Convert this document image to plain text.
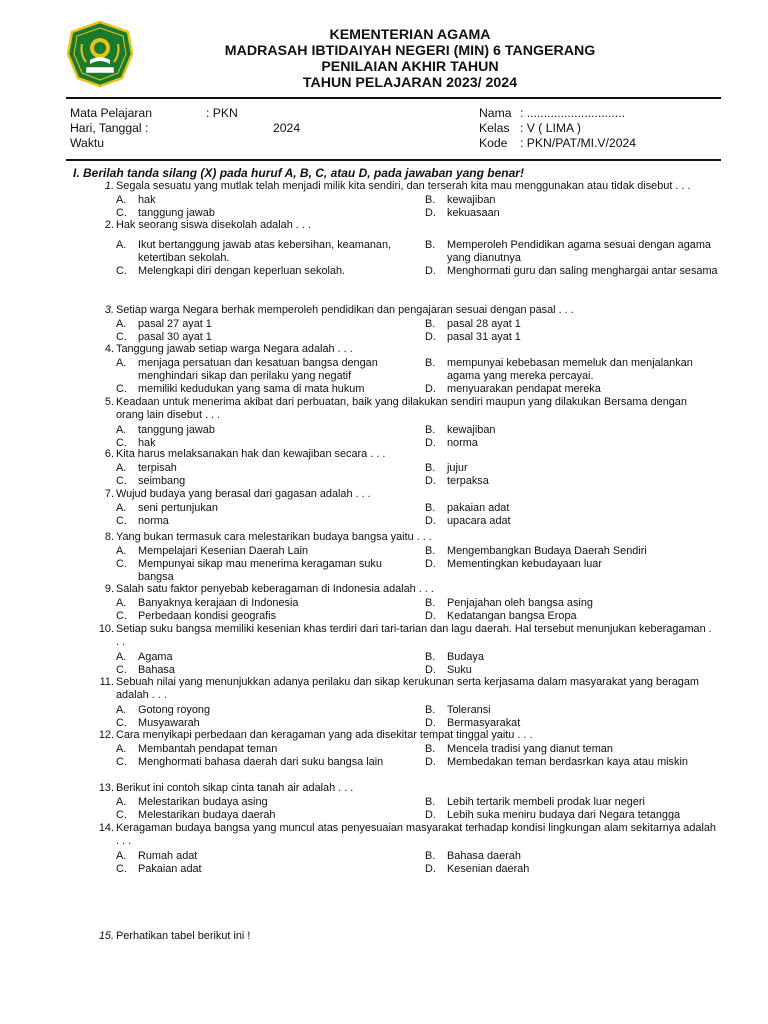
KEMENTERIAN AGAMA
MADRASAH IBTIDAIYAH NEGERI (MIN) 6 TANGERANG
PENILAIAN AKHIR TAHUN
TAHUN PELAJARAN 2023/ 2024
Mata Pelajaran	: PKN
Hari, Tanggal :	2024
Waktu
Nama : .............................
Kelas : V ( LIMA )
Kode : PKN/PAT/MI.V/2024
I. Berilah tanda silang (X) pada huruf A, B, C, atau D, pada jawaban yang benar!
1. Segala sesuatu yang mutlak telah menjadi milik kita sendiri, dan terserah kita mau menggunakan atau tidak disebut . . .
A.	hak	B.	kewajiban
C.	tanggung jawab	D.	kekuasaan
2. Hak seorang siswa disekolah adalah . . .
A.	Ikut bertanggung jawab atas kebersihan, keamanan, ketertiban sekolah.
B.	Memperoleh Pendidikan agama sesuai dengan agama yang dianutnya
C.	Melengkapi diri dengan keperluan sekolah.	D.	Menghormati guru dan saling menghargai antar sesama
3. Setiap warga Negara berhak memperoleh pendidikan dan pengajaran sesuai dengan pasal . . .
A.	pasal 27 ayat 1	B.	pasal 28 ayat 1
C.	pasal 30 ayat 1	D.	pasal 31 ayat 1
4. Tanggung jawab setiap warga Negara adalah . . .
A.	menjaga persatuan dan kesatuan bangsa dengan menghindari sikap dan perilaku yang negatif
B.	mempunyai kebebasan memeluk dan menjalankan agama yang mereka percayai.
C.	memiliki kedudukan yang sama di mata hukum	D.	menyuarakan pendapat mereka
5. Keadaan untuk menerima akibat dari perbuatan, baik yang dilakukan sendiri maupun yang dilakukan Bersama dengan orang lain disebut . . .
A.	tanggung jawab	B.	kewajiban
C.	hak	D.	norma
6. Kita harus melaksanakan hak dan kewajiban secara . . .
A.	terpisah	B.	jujur
C.	seimbang	D.	terpaksa
7. Wujud budaya yang berasal dari gagasan adalah . . .
A.	seni pertunjukan	B.	pakaian adat
C.	norma	D.	upacara adat
8. Yang bukan termasuk cara melestarikan budaya bangsa yaitu . . .
A.	Mempelajari Kesenian Daerah Lain	B.	Mengembangkan Budaya Daerah Sendiri
C.	Mempunyai sikap mau menerima keragaman suku bangsa
D.	Mementingkan kebudayaan luar
9. Salah satu faktor penyebab keberagaman di Indonesia adalah . . .
A.	Banyaknya kerajaan di Indonesia	B.	Penjajahan oleh bangsa asing
C.	Perbedaan kondisi geografis	D.	Kedatangan bangsa Eropa
10. Setiap suku bangsa memiliki kesenian khas terdiri dari tari-tarian dan lagu daerah. Hal tersebut menunjukan keberagaman . . .
A.	Agama	B.	Budaya
C.	Bahasa	D.	Suku
11. Sebuah nilai yang menunjukkan adanya perilaku dan sikap kerukunan serta kerjasama dalam masyarakat yang beragam adalah . . .
A.	Gotong royong	B.	Toleransi
C.	Musyawarah	D.	Bermasyarakat
12. Cara menyikapi perbedaan dan keragaman yang ada disekitar tempat tinggal yaitu . . .
A.	Membantah pendapat teman	B.	Mencela tradisi yang dianut teman
C.	Menghormati bahasa daerah dari suku bangsa lain	D.	Membedakan teman berdasrkan kaya atau miskin
13. Berikut ini contoh sikap cinta tanah air adalah . . .
A.	Melestarikan budaya asing	B.	Lebih tertarik membeli prodak luar negeri
C.	Melestarikan budaya daerah	D.	Lebih suka meniru budaya dari Negara tetangga
14. Keragaman budaya bangsa yang muncul atas penyesuaian masyarakat terhadap kondisi lingkungan alam sekitarnya adalah . . .
A.	Rumah adat	B.	Bahasa daerah
C.	Pakaian adat	D.	Kesenian daerah
15. Perhatikan tabel berikut ini !
